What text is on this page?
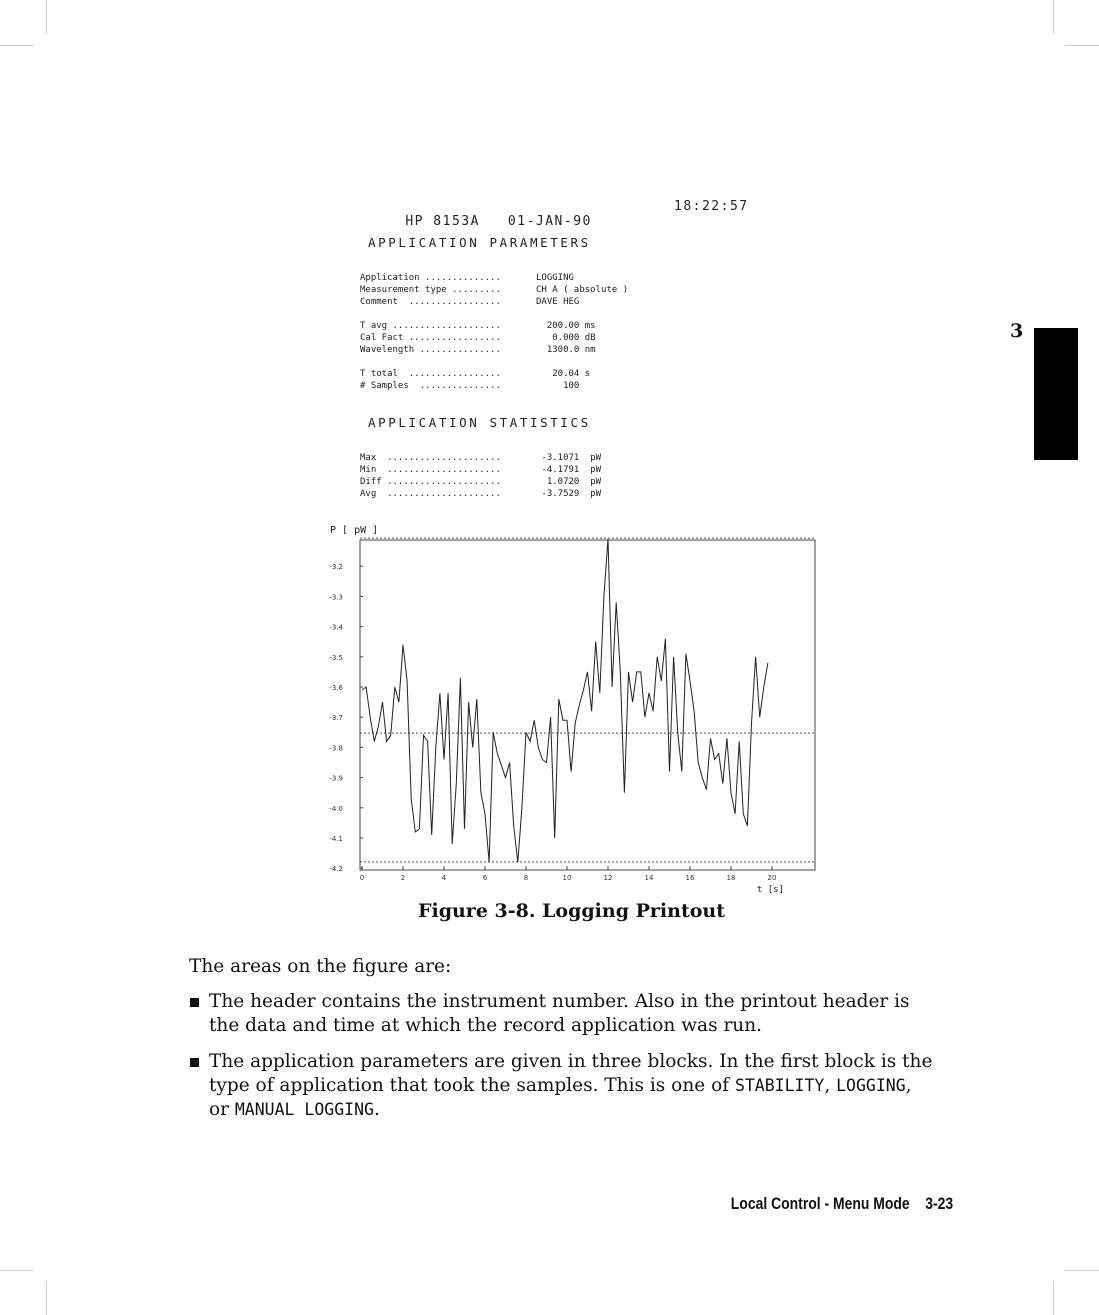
3

HP 8153A 01-JAN-90

18:22:57

APPLICATION PARAMETERS
Application ..............	LOGGING
Measurement type .........	CH A ( absolute )
Comment  .................	DAVE HEG
T avg ....................	200.00 ms
Cal Fact .................	0.000 dB
Wavelength ...............	1300.0 nm
T total  .................	20.04 s
# Samples  ...............	100
APPLICATION STATISTICS
Max  .....................	-3.1071  pW
Min  .....................	-4.1791  pW
Diff .....................	1.0720  pW
Avg  .....................	-3.7529  pW
P [ pW ]
-3.2
-3.3
-3.4
-3.5
-3.6
-3.7
-3.8
-3.9
-4.0
-4.1
-4.2
0	2	4	6	8	10	12	14	16	18	20
t [s]
Figure 3-8. Logging Printout
The areas on the figure are:
The header contains the instrument number. Also in the printout header is
the data and time at which the record application was run.
The application parameters are given in three blocks. In the first block is the
type of application that took the samples. This is one of STABILITY, LOGGING,
or MANUAL LOGGING.
Local Control - Menu Mode 3-23
